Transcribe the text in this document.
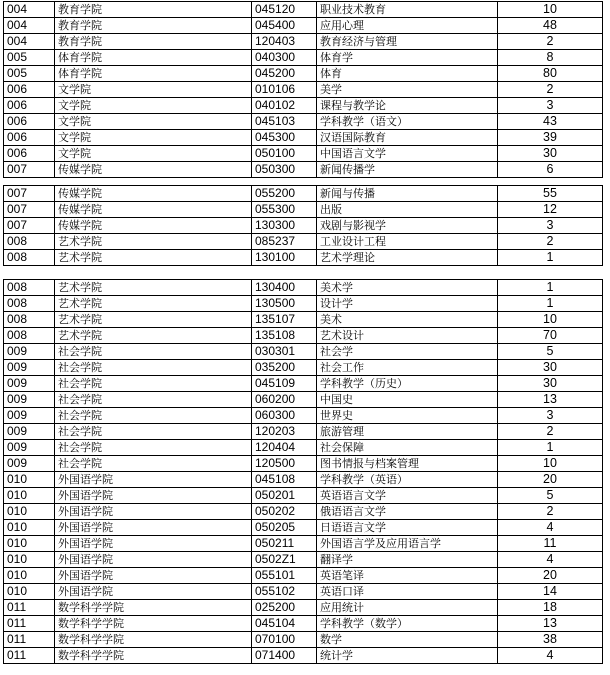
004	教育学院	045120	职业技术教育	10
004	教育学院	045400	应用心理	48
004	教育学院	120403	教育经济与管理	2
005	体育学院	040300	体育学	8
005	体育学院	045200	体育	80
006	文学院	010106	美学	2
006	文学院	040102	课程与教学论	3
006	文学院	045103	学科教学（语文）	43
006	文学院	045300	汉语国际教育	39
006	文学院	050100	中国语言文学	30
007	传媒学院	050300	新闻传播学	6
007	传媒学院	055200	新闻与传播	55
007	传媒学院	055300	出版	12
007	传媒学院	130300	戏剧与影视学	3
008	艺术学院	085237	工业设计工程	2
008	艺术学院	130100	艺术学理论	1
008	艺术学院	130400	美术学	1
008	艺术学院	130500	设计学	1
008	艺术学院	135107	美术	10
008	艺术学院	135108	艺术设计	70
009	社会学院	030301	社会学	5
009	社会学院	035200	社会工作	30
009	社会学院	045109	学科教学（历史）	30
009	社会学院	060200	中国史	13
009	社会学院	060300	世界史	3
009	社会学院	120203	旅游管理	2
009	社会学院	120404	社会保障	1
009	社会学院	120500	图书情报与档案管理	10
010	外国语学院	045108	学科教学（英语）	20
010	外国语学院	050201	英语语言文学	5
010	外国语学院	050202	俄语语言文学	2
010	外国语学院	050205	日语语言文学	4
010	外国语学院	050211	外国语言学及应用语言学	11
010	外国语学院	0502Z1	翻译学	4
010	外国语学院	055101	英语笔译	20
010	外国语学院	055102	英语口译	14
011	数学科学学院	025200	应用统计	18
011	数学科学学院	045104	学科教学（数学）	13
011	数学科学学院	070100	数学	38
011	数学科学学院	071400	统计学	4
